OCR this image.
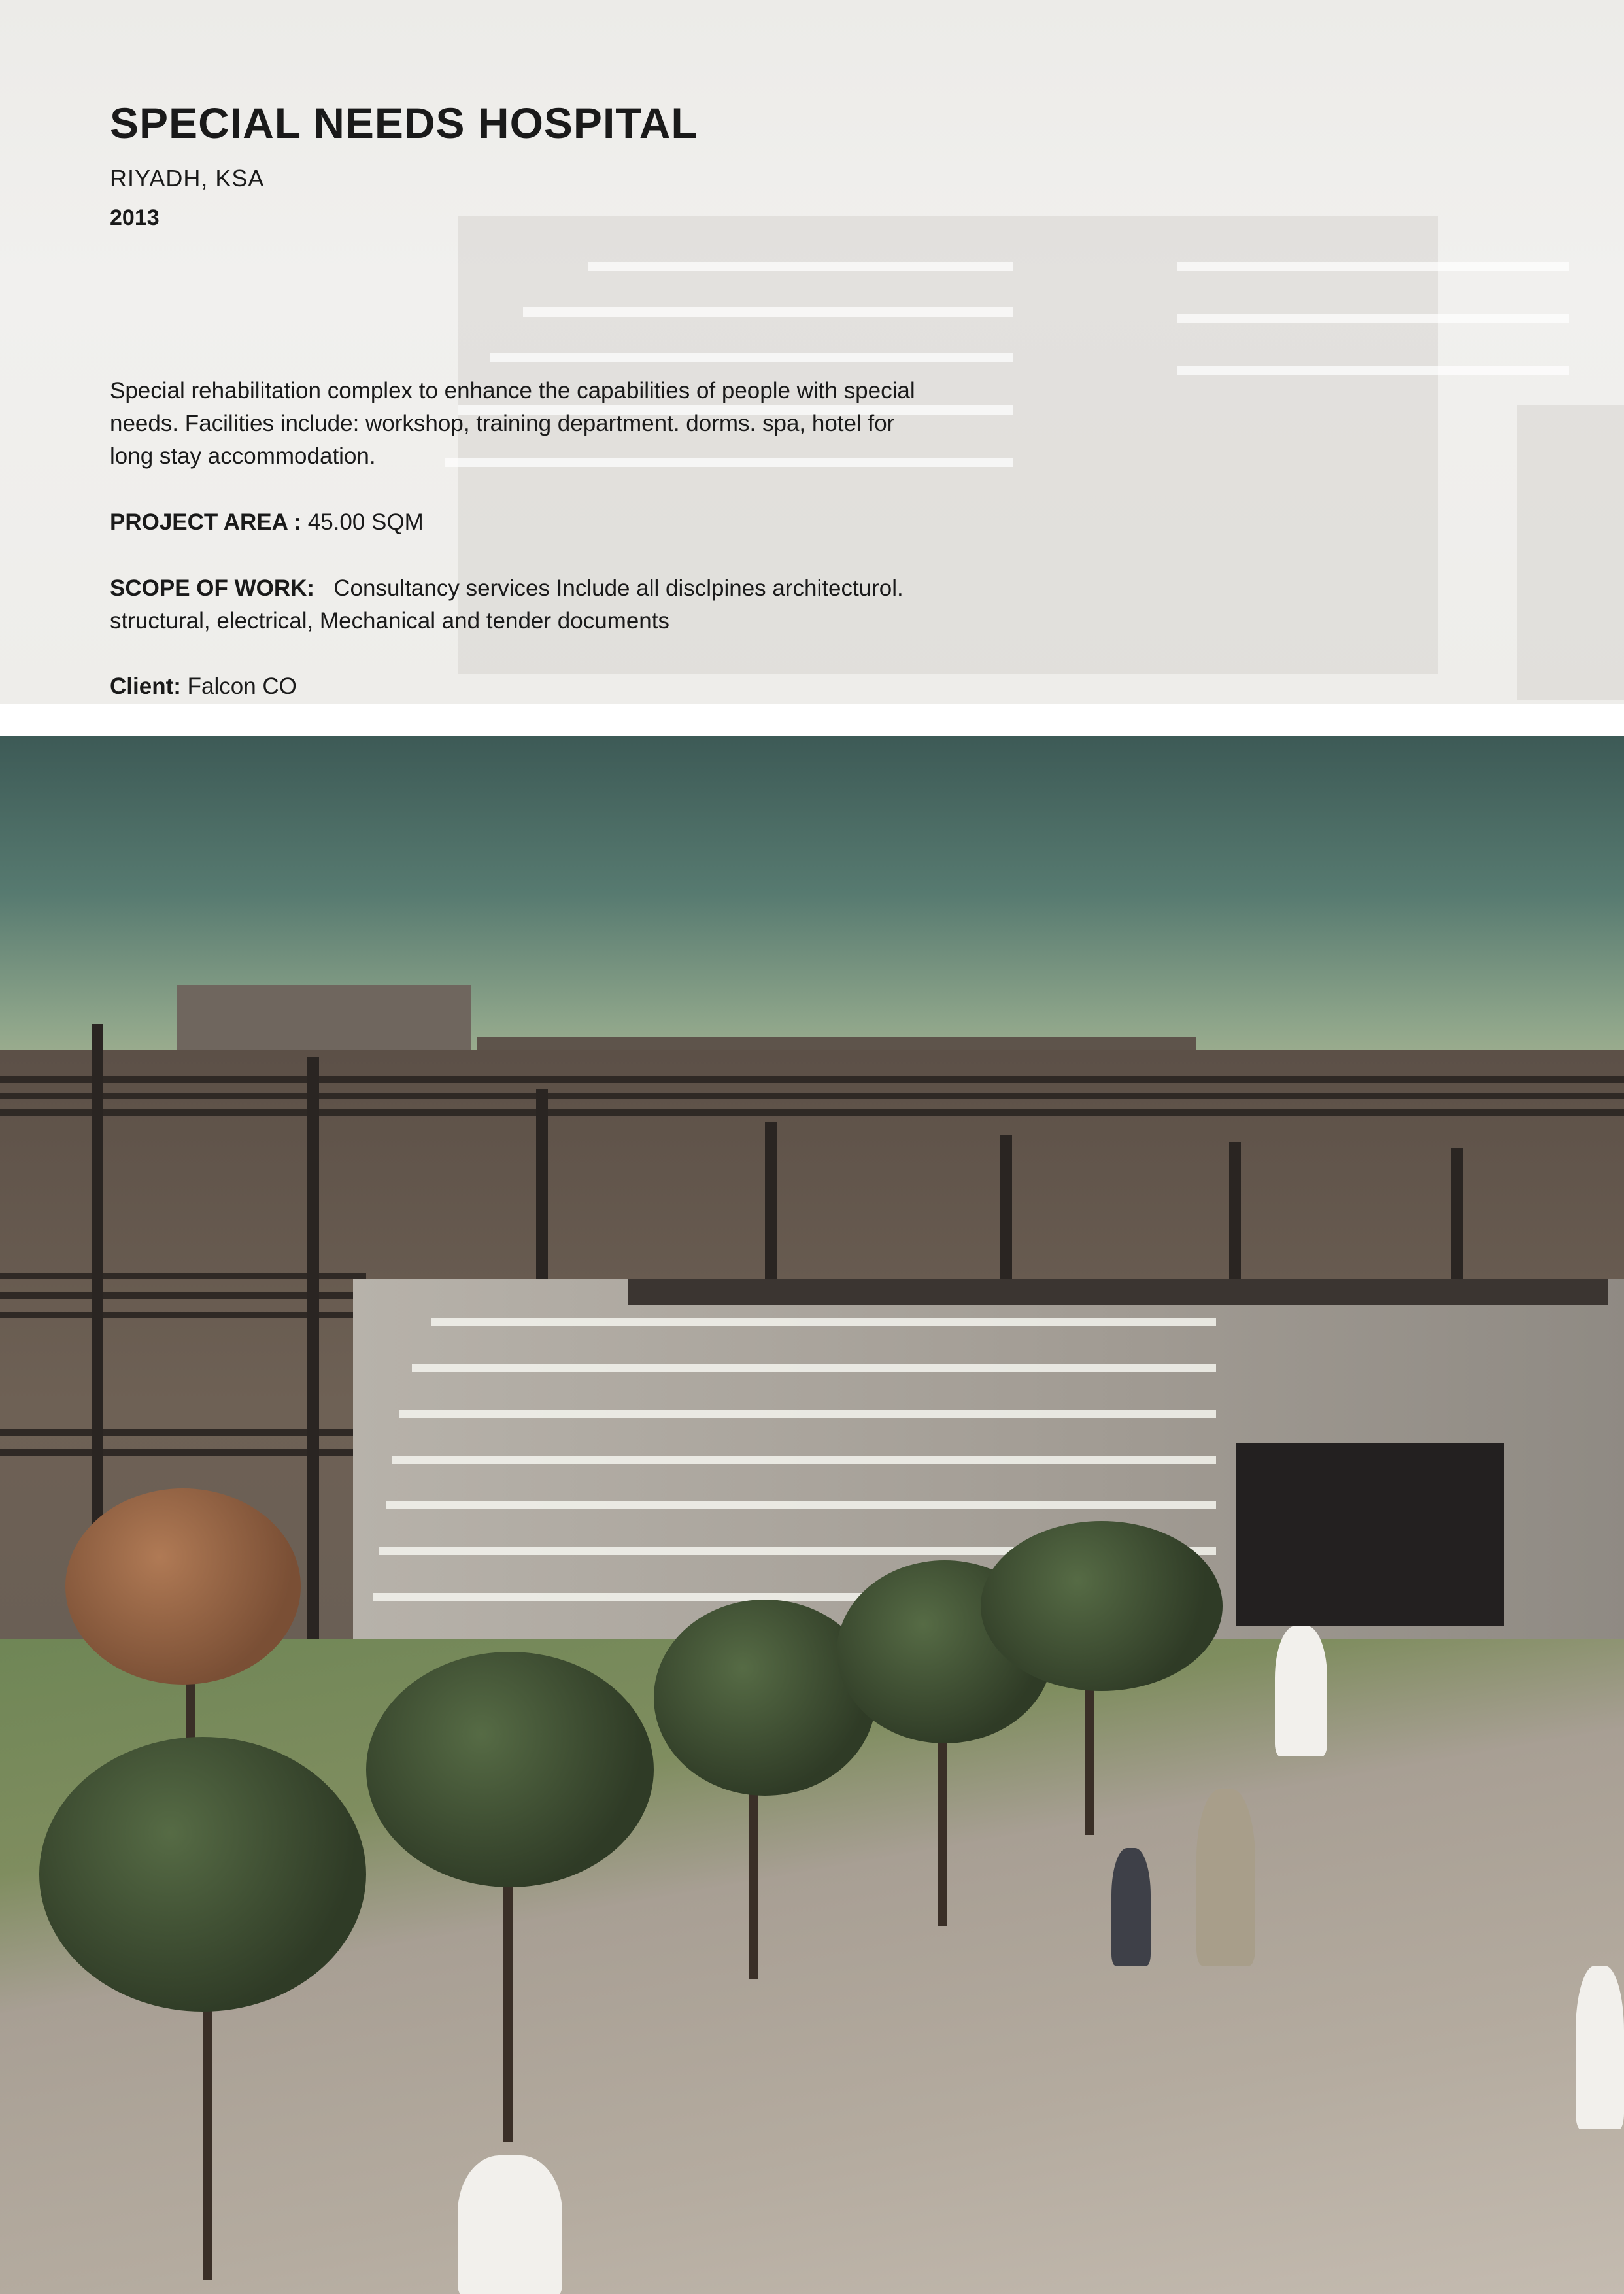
SPECIAL NEEDS HOSPITAL
RIYADH, KSA
2013
Special rehabilitation complex to enhance the capabilities of people with special
needs. Facilities include: workshop, training department. dorms. spa, hotel for
long stay accommodation.
PROJECT AREA : 45.00 SQM
SCOPE OF WORK: Consultancy services Include all disclpines architecturol.
structural, electrical, Mechanical and tender documents
Client: Falcon CO
